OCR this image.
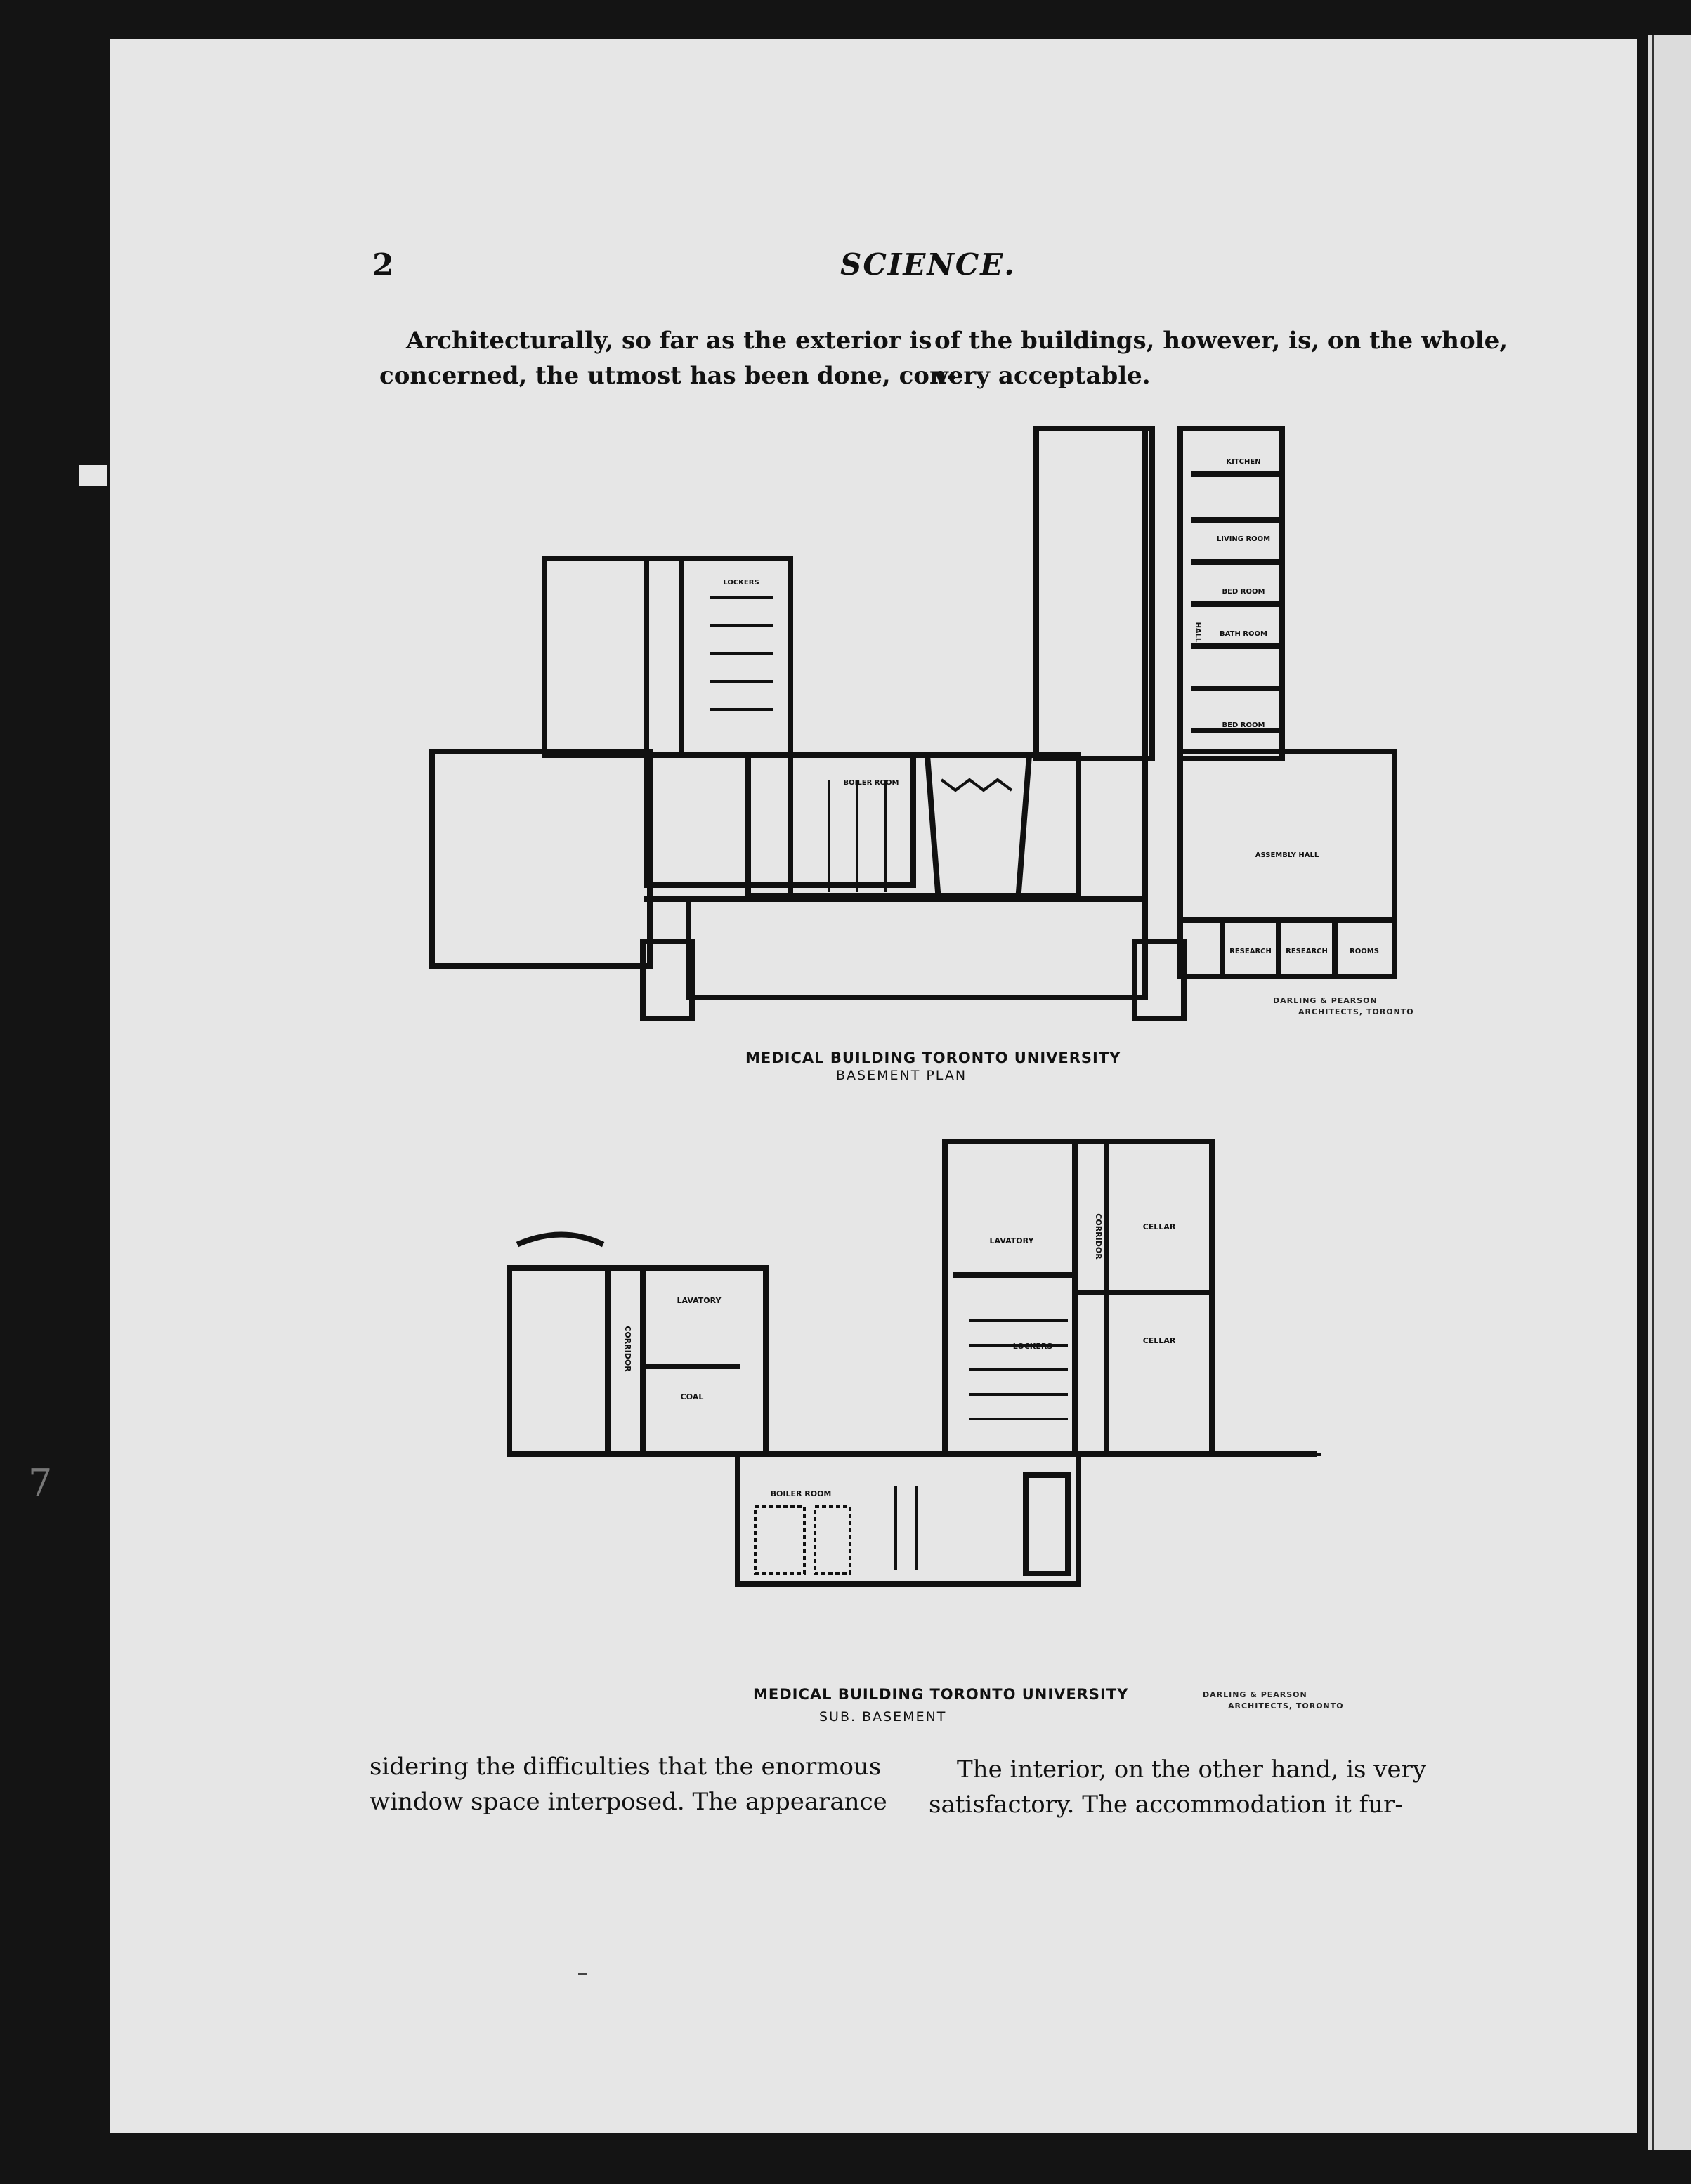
7
2	SCIENCE.
Architecturally, so far as the exterior is
concerned, the utmost has been done, con-
of the buildings, however, is, on the whole,
very acceptable.
BOILER ROOM
LOCKERS
ASSEMBLY HALL
HALL
KITCHEN
LIVING ROOM
BED ROOM
BATH ROOM
BED ROOM
RESEARCH RESEARCH	ROOMS
MEDICAL BUILDING TORONTO UNIVERSITY
BASEMENT PLAN
DARLING & PEARSON
ARCHITECTS, TORONTO
LAVATORY
LAVATORY
CELLAR
CELLAR
LOCKERS
COAL
BOILER ROOM
CORRIDOR
CORRIDOR
MEDICAL BUILDING TORONTO UNIVERSITY
SUB. BASEMENT
DARLING & PEARSON
ARCHITECTS, TORONTO
sidering the difficulties that the enormous
window space interposed. The appearance
The interior, on the other hand, is very
satisfactory. The accommodation it fur-
